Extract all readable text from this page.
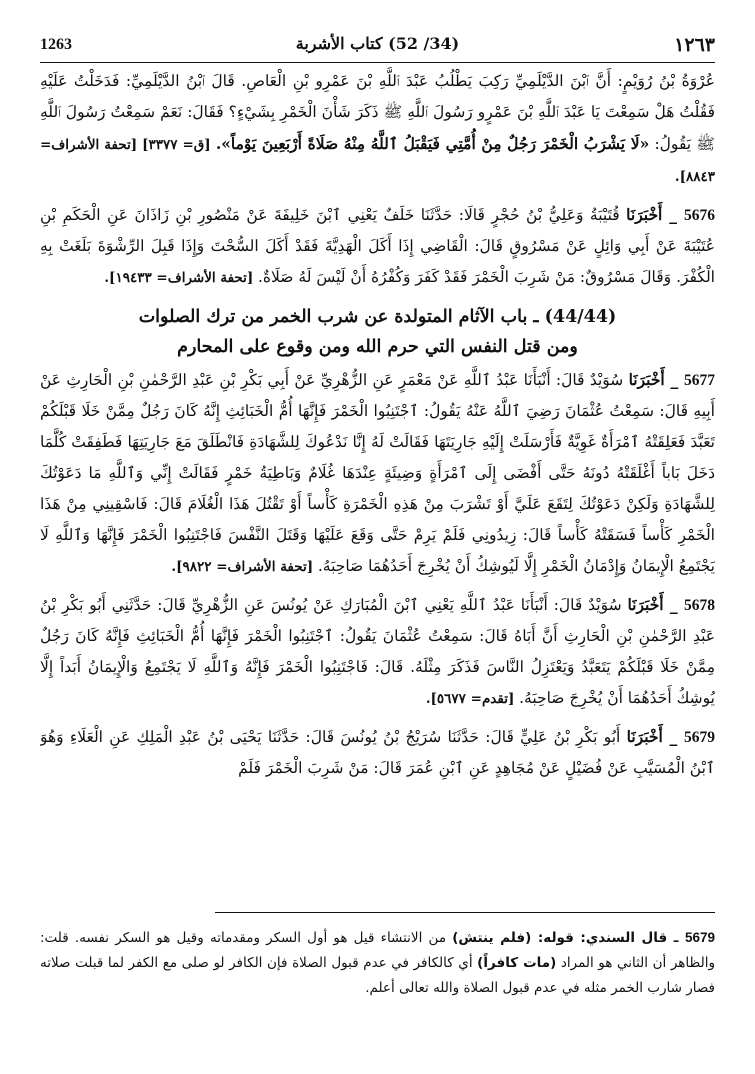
1263	(34/ 52) كتاب الأشربة	١٢٦٣

عُرْوَةُ بْنُ رُوَيْمٍ: أَنَّ ٱبْنَ الدَّيْلَمِيِّ رَكِبَ يَطْلُبُ عَبْدَ ٱللَّهِ بْنَ عَمْرِو بْنِ الْعَاصِ. قَالَ ٱبْنُ الدَّيْلَمِيِّ: فَدَخَلْتُ عَلَيْهِ فَقُلْتُ هَلْ سَمِعْتَ يَا عَبْدَ ٱللَّهِ بْنَ عَمْرٍو رَسُولَ ٱللَّهِ ﷺ ذَكَرَ شَأْنَ الْخَمْرِ بِشَيْءٍ؟ فَقَالَ: نَعَمْ سَمِعْتُ رَسُولَ ٱللَّهِ ﷺ يَقُولُ: «لَا يَشْرَبُ الْخَمْرَ رَجُلٌ مِنْ أُمَّتِي فَيَقْبَلُ ٱللَّهُ مِنْهُ صَلَاةً أَرْبَعِينَ يَوْماً». [ق= ٣٣٧٧] [تحفة الأشراف= ٨٨٤٣].

5676 _ أَخْبَرَنَا قُتَيْبَةُ وَعَلِيُّ بْنُ حُجْرٍ قَالَا: حَدَّثَنَا خَلَفٌ يَعْنِي ٱبْنَ خَلِيفَةَ عَنْ مَنْصُورِ بْنِ زَاذَانَ عَنِ الْحَكَمِ بْنِ عُتَيْبَةَ عَنْ أَبِي وَائِلٍ عَنْ مَسْرُوقٍ قَالَ: الْقَاضِي إِذَا أَكَلَ الْهَدِيَّةَ فَقَدْ أَكَلَ السُّحْتَ وَإِذَا قَبِلَ الرِّشْوَةَ بَلَغَتْ بِهِ الْكُفْرَ. وَقَالَ مَسْرُوقٌ: مَنْ شَرِبَ الْخَمْرَ فَقَدْ كَفَرَ وَكُفْرُهُ أَنْ لَيْسَ لَهُ صَلَاةٌ. [تحفة الأشراف= ١٩٤٣٣].

(44/44) ـ باب الآثام المتولدة عن شرب الخمر من ترك الصلوات
ومن قتل النفس التي حرم الله ومن وقوع على المحارم

5677 _ أَخْبَرَنَا سُوَيْدٌ قَالَ: أَنْبَأَنَا عَبْدُ ٱللَّهِ عَنْ مَعْمَرٍ عَنِ الزُّهْرِيِّ عَنْ أَبِي بَكْرِ بْنِ عَبْدِ الرَّحْمٰنِ بْنِ الْحَارِثِ عَنْ أَبِيهِ قَالَ: سَمِعْتُ عُثْمَانَ رَضِيَ ٱللَّهُ عَنْهُ يَقُولُ: ٱجْتَنِبُوا الْخَمْرَ فَإِنَّهَا أُمُّ الْخَبَائِثِ إِنَّهُ كَانَ رَجُلٌ مِمَّنْ خَلَا قَبْلَكُمْ تَعَبَّدَ فَعَلِقَتْهُ ٱمْرَأَةٌ غَوِيَّةٌ فَأَرْسَلَتْ إِلَيْهِ جَارِيَتَهَا فَقَالَتْ لَهُ إِنَّا نَدْعُوكَ لِلشَّهَادَةِ فَانْطَلَقَ مَعَ جَارِيَتِهَا فَطَفِقَتْ كُلَّمَا دَخَلَ بَاباً أَغْلَقَتْهُ دُونَهُ حَتَّى أَفْضَى إِلَى ٱمْرَأَةٍ وَضِيئَةٍ عِنْدَهَا غُلَامٌ وَبَاطِيَةُ خَمْرٍ فَقَالَتْ إِنِّي وَٱللَّهِ مَا دَعَوْتُكَ لِلشَّهَادَةِ وَلَكِنْ دَعَوْتُكَ لِتَقَعَ عَلَيَّ أَوْ تَشْرَبَ مِنْ هَذِهِ الْخَمْرَةِ كَأْساً أَوْ تَقْتُلَ هَذَا الْغُلَامَ قَالَ: فَاسْقِينِي مِنْ هَذَا الْخَمْرِ كَأْساً فَسَقَتْهُ كَأْساً قَالَ: زِيدُونِي فَلَمْ يَرِمْ حَتَّى وَقَعَ عَلَيْهَا وَقَتَلَ النَّفْسَ فَاجْتَنِبُوا الْخَمْرَ فَإِنَّهَا وَٱللَّهِ لَا يَجْتَمِعُ الْإِيمَانُ وَإِدْمَانُ الْخَمْرِ إِلَّا لَيُوشِكُ أَنْ يُخْرِجَ أَحَدُهُمَا صَاحِبَهُ. [تحفة الأشراف= ٩٨٢٢].

5678 _ أَخْبَرَنَا سُوَيْدٌ قَالَ: أَنْبَأَنَا عَبْدُ ٱللَّهِ يَعْنِي ٱبْنَ الْمُبَارَكِ عَنْ يُونُسَ عَنِ الزُّهْرِيِّ قَالَ: حَدَّثَنِي أَبُو بَكْرِ بْنُ عَبْدِ الرَّحْمٰنِ بْنِ الْحَارِثِ أَنَّ أَبَاهُ قَالَ: سَمِعْتُ عُثْمَانَ يَقُولُ: ٱجْتَنِبُوا الْخَمْرَ فَإِنَّهَا أُمُّ الْخَبَائِثِ فَإِنَّهُ كَانَ رَجُلٌ مِمَّنْ خَلَا قَبْلَكُمْ يَتَعَبَّدُ وَيَعْتَزِلُ النَّاسَ فَذَكَرَ مِثْلَهُ. قَالَ: فَاجْتَنِبُوا الْخَمْرَ فَإِنَّهُ وَٱللَّهِ لَا يَجْتَمِعُ وَالْإِيمَانُ أَبَداً إِلَّا يُوشِكُ أَحَدُهُمَا أَنْ يُخْرِجَ صَاحِبَهُ. [تقدم= ٥٦٧٧].

5679 _ أَخْبَرَنَا أَبُو بَكْرِ بْنُ عَلِيٍّ قَالَ: حَدَّثَنَا سُرَيْجُ بْنُ يُونُسَ قَالَ: حَدَّثَنَا يَحْيَى بْنُ عَبْدِ الْمَلِكِ عَنِ الْعَلَاءِ وَهُوَ ٱبْنُ الْمُسَيَّبِ عَنْ فُضَيْلٍ عَنْ مُجَاهِدٍ عَنِ ٱبْنِ عُمَرَ قَالَ: مَنْ شَرِبَ الْخَمْرَ فَلَمْ

5679 ـ قال السندي: قوله: (فلم ينتش) من الانتشاء قيل هو أول السكر ومقدماته وقيل هو السكر نفسه. قلت: والظاهر أن الثاني هو المراد (مات كافراً) أي كالكافر في عدم قبول الصلاة فإن الكافر لو صلى مع الكفر لما قبلت صلاته فصار شارب الخمر مثله في عدم قبول الصلاة والله تعالى أعلم.
